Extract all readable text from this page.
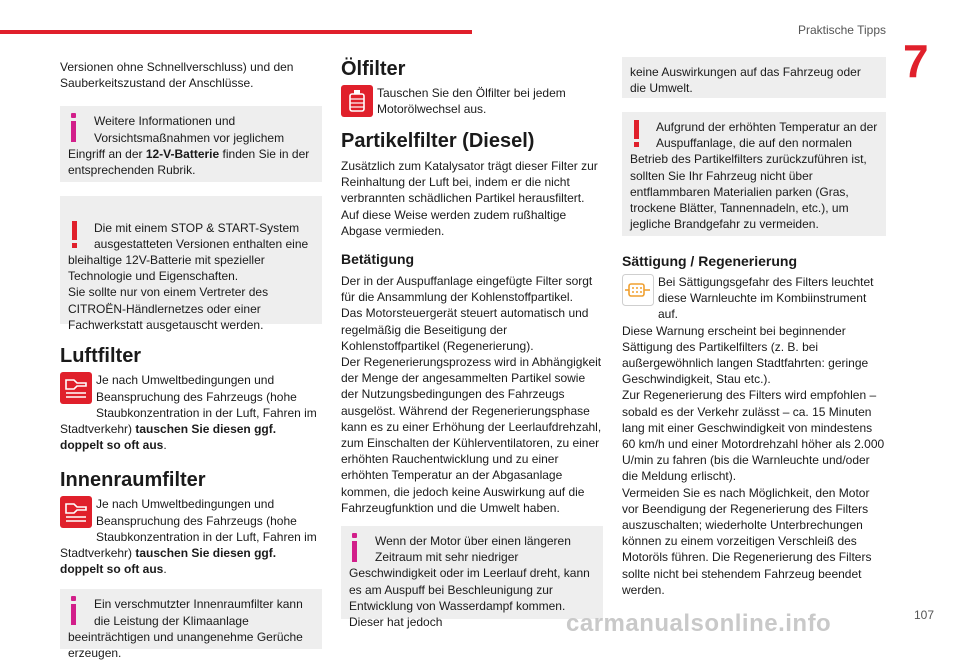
Praktische Tipps
7

Versionen ohne Schnellverschluss) und den Sauberkeitszustand der Anschlüsse.

Weitere Informationen und Vorsichtsmaßnahmen vor jeglichem Eingriff an der 12-V-Batterie finden Sie in der entsprechenden Rubrik.

Die mit einem STOP & START-System ausgestatteten Versionen enthalten eine bleihaltige 12V-Batterie mit spezieller Technologie und Eigenschaften.
Sie sollte nur von einem Vertreter des CITROËN-Händlernetzes oder einer Fachwerkstatt ausgetauscht werden.

Luftfilter

Je nach Umweltbedingungen und Beanspruchung des Fahrzeugs (hohe Staubkonzentration in der Luft, Fahren im Stadtverkehr) tauschen Sie diesen ggf. doppelt so oft aus.

Innenraumfilter

Je nach Umweltbedingungen und Beanspruchung des Fahrzeugs (hohe Staubkonzentration in der Luft, Fahren im Stadtverkehr) tauschen Sie diesen ggf. doppelt so oft aus.

Ein verschmutzter Innenraumfilter kann die Leistung der Klimaanlage beeinträchtigen und unangenehme Gerüche erzeugen.
Ölfilter

Tauschen Sie den Ölfilter bei jedem Motorölwechsel aus.

Partikelfilter (Diesel)

Zusätzlich zum Katalysator trägt dieser Filter zur Reinhaltung der Luft bei, indem er die nicht verbrannten schädlichen Partikel herausfiltert. Auf diese Weise werden zudem rußhaltige Abgase vermieden.

Betätigung

Der in der Auspuffanlage eingefügte Filter sorgt für die Ansammlung der Kohlenstoffpartikel.
Das Motorsteuergerät steuert automatisch und regelmäßig die Beseitigung der Kohlenstoffpartikel (Regenerierung).
Der Regenerierungsprozess wird in Abhängigkeit der Menge der angesammelten Partikel sowie der Nutzungsbedingungen des Fahrzeugs ausgelöst. Während der Regenerierungsphase kann es zu einer Erhöhung der Leerlaufdrehzahl, zum Einschalten der Kühlerventilatoren, zu einer erhöhten Rauchentwicklung und zu einer erhöhten Temperatur an der Abgasanlage kommen, die jedoch keine Auswirkung auf die Fahrzeugfunktion und die Umwelt haben.

Wenn der Motor über einen längeren Zeitraum mit sehr niedriger Geschwindigkeit oder im Leerlauf dreht, kann es am Auspuff bei Beschleunigung zur Entwicklung von Wasserdampf kommen. Dieser hat jedoch
keine Auswirkungen auf das Fahrzeug oder die Umwelt.
Aufgrund der erhöhten Temperatur an der Auspuffanlage, die auf den normalen Betrieb des Partikelfilters zurückzuführen ist, sollten Sie Ihr Fahrzeug nicht über entflammbaren Materialien parken (Gras, trockene Blätter, Tannennadeln, etc.), um jegliche Brandgefahr zu vermeiden.
Sättigung / Regenerierung

Bei Sättigungsgefahr des Filters leuchtet diese Warnleuchte im Kombiinstrument auf.
Diese Warnung erscheint bei beginnender Sättigung des Partikelfilters (z. B. bei außergewöhnlich langen Stadtfahrten: geringe Geschwindigkeit, Stau etc.).
Zur Regenerierung des Filters wird empfohlen – sobald es der Verkehr zulässt – ca. 15 Minuten lang mit einer Geschwindigkeit von mindestens 60 km/h und einer Motordrehzahl höher als 2.000 U/min zu fahren (bis die Warnleuchte und/oder die Meldung erlischt).
Vermeiden Sie es nach Möglichkeit, den Motor vor Beendigung der Regenerierung des Filters auszuschalten; wiederholte Unterbrechungen können zu einem vorzeitigen Verschleiß des Motoröls führen. Die Regenerierung des Filters sollte nicht bei stehendem Fahrzeug beendet werden.

carmanualsonline.info	107
